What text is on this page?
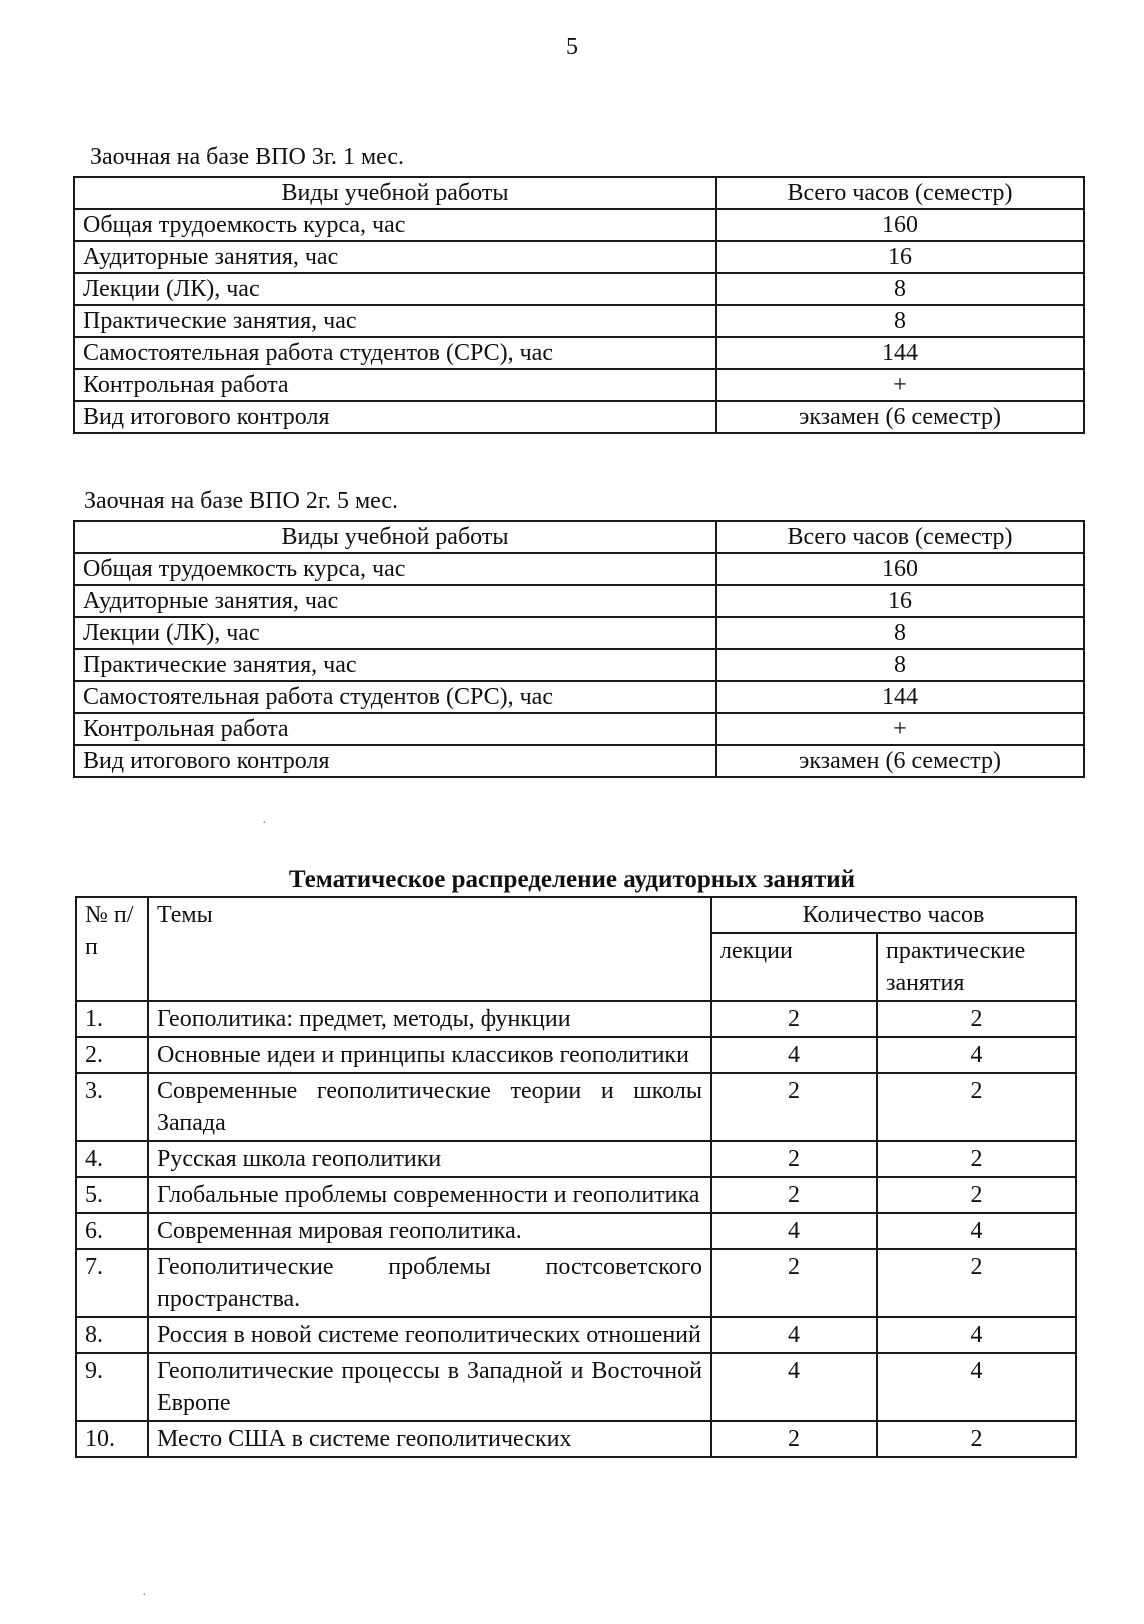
5
Заочная на базе ВПО 3г. 1 мес.
Виды учебной работы	Всего часов (семестр)
Общая трудоемкость курса, час	160
Аудиторные занятия, час	16
Лекции (ЛК), час	8
Практические занятия, час	8
Самостоятельная работа студентов (СРС), час	144
Контрольная работа	+
Вид итогового контроля	экзамен (6 семестр)
Заочная на базе ВПО 2г. 5 мес.
Виды учебной работы	Всего часов (семестр)
Общая трудоемкость курса, час	160
Аудиторные занятия, час	16
Лекции (ЛК), час	8
Практические занятия, час	8
Самостоятельная работа студентов (СРС), час	144
Контрольная работа	+
Вид итогового контроля	экзамен (6 семестр)
·
·
Тематическое распределение аудиторных занятий
№ п/п	Темы	Количество часов	
		лекции	практические занятия
1.	Геополитика: предмет, методы, функции	2	2
2.	Основные идеи и принципы классиков геополитики	4	4
3.	Современные геополитические теории и школы Запада	2	2
4.	Русская школа геополитики	2	2
5.	Глобальные проблемы современности и геополитика	2	2
6.	Современная мировая геополитика.	4	4
7.	Геополитические проблемы постсоветского пространства.	2	2
8.	Россия в новой системе геополитических отношений	4	4
9.	Геополитические процессы в Западной и Восточной Европе	4	4
10.	Место США в системе геополитических	2	2
